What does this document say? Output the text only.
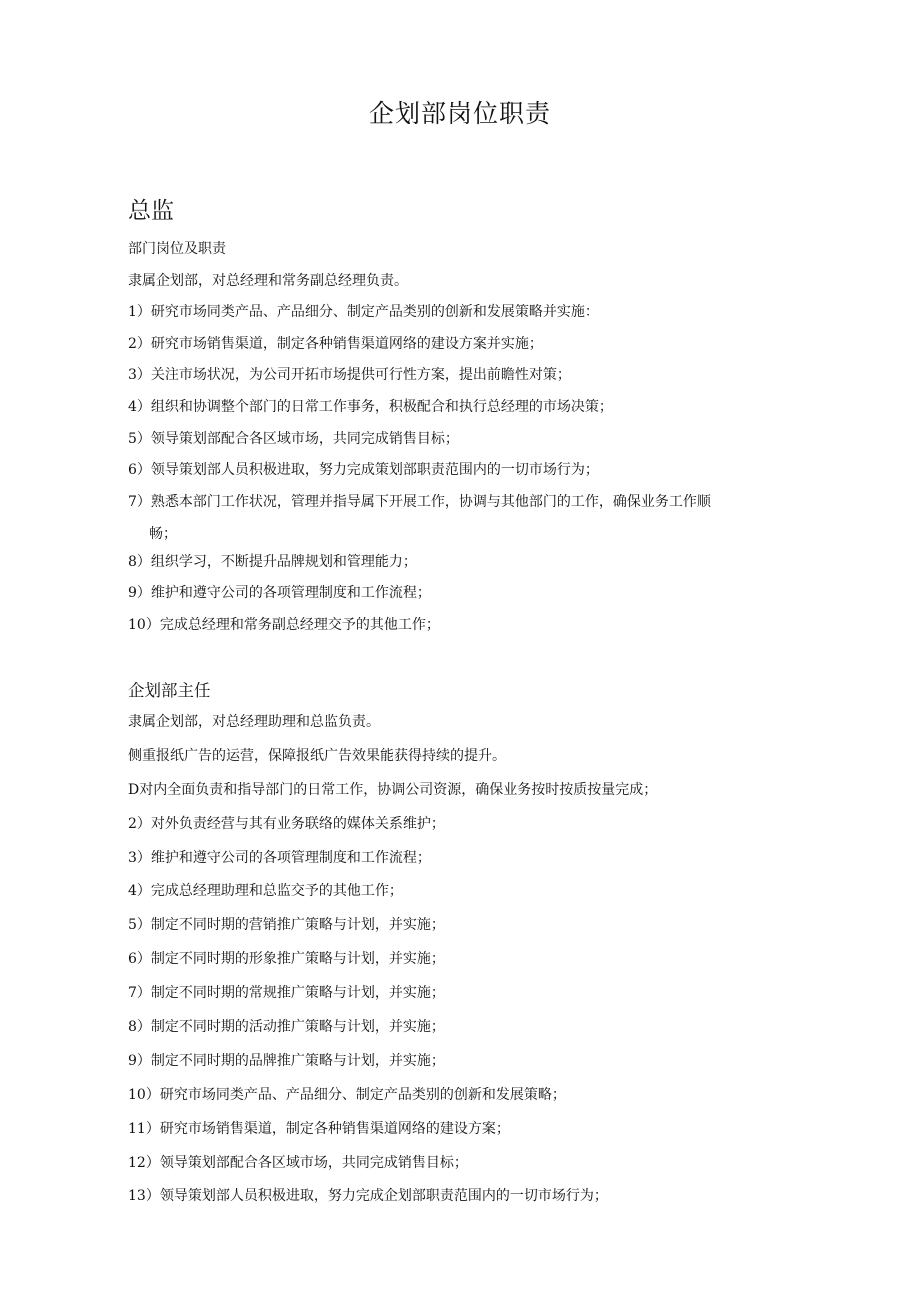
企划部岗位职责
总监
部门岗位及职责
隶属企划部，对总经理和常务副总经理负责。
1）研究市场同类产品、产品细分、制定产品类别的创新和发展策略并实施：
2）研究市场销售渠道，制定各种销售渠道网络的建设方案并实施；
3）关注市场状况，为公司开拓市场提供可行性方案，提出前瞻性对策；
4）组织和协调整个部门的日常工作事务，积极配合和执行总经理的市场决策；
5）领导策划部配合各区域市场，共同完成销售目标；
6）领导策划部人员积极进取，努力完成策划部职责范围内的一切市场行为；
7）熟悉本部门工作状况，管理并指导属下开展工作，协调与其他部门的工作，确保业务工作顺
畅；
8）组织学习，不断提升品牌规划和管理能力；
9）维护和遵守公司的各项管理制度和工作流程；
10）完成总经理和常务副总经理交予的其他工作；
企划部主任
隶属企划部，对总经理助理和总监负责。
侧重报纸广告的运营，保障报纸广告效果能获得持续的提升。
D对内全面负责和指导部门的日常工作，协调公司资源，确保业务按时按质按量完成；
2）对外负责经营与其有业务联络的媒体关系维护；
3）维护和遵守公司的各项管理制度和工作流程；
4）完成总经理助理和总监交予的其他工作；
5）制定不同时期的营销推广策略与计划，并实施；
6）制定不同时期的形象推广策略与计划，并实施；
7）制定不同时期的常规推广策略与计划，并实施；
8）制定不同时期的活动推广策略与计划，并实施；
9）制定不同时期的品牌推广策略与计划，并实施；
10）研究市场同类产品、产品细分、制定产品类别的创新和发展策略；
11）研究市场销售渠道，制定各种销售渠道网络的建设方案；
12）领导策划部配合各区域市场，共同完成销售目标；
13）领导策划部人员积极进取，努力完成企划部职责范围内的一切市场行为；
